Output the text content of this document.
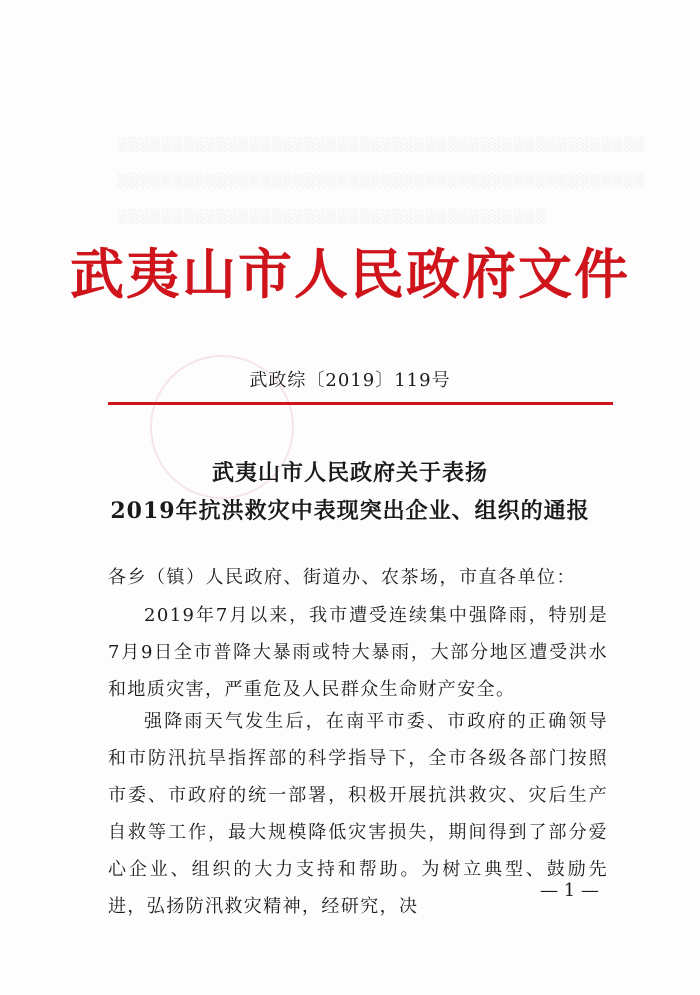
░░░░░░░░░░░░░░░░░░░░░░░░░░░░░░░░░░░░░░░░░░░░░░░░
░░░░░░░░░░░░░░░░░░░░░░░░░░░░░░░░░░░░░░░░░░░░░░░░
░░░░░░░░░░░░░░░░░░░░░░░░░░░░░░░░░░░░░░░
武夷山市人民政府文件
武政综〔2019〕119号
武夷山市人民政府关于表扬
2019年抗洪救灾中表现突出企业、组织的通报
各乡（镇）人民政府、街道办、农茶场，市直各单位：
2019年7月以来，我市遭受连续集中强降雨，特别是7月9日全市普降大暴雨或特大暴雨，大部分地区遭受洪水和地质灾害，严重危及人民群众生命财产安全。
强降雨天气发生后，在南平市委、市政府的正确领导和市防汛抗旱指挥部的科学指导下，全市各级各部门按照市委、市政府的统一部署，积极开展抗洪救灾、灾后生产自救等工作，最大规模降低灾害损失，期间得到了部分爱心企业、组织的大力支持和帮助。为树立典型、鼓励先进，弘扬防汛救灾精神，经研究，决
— 1 —
